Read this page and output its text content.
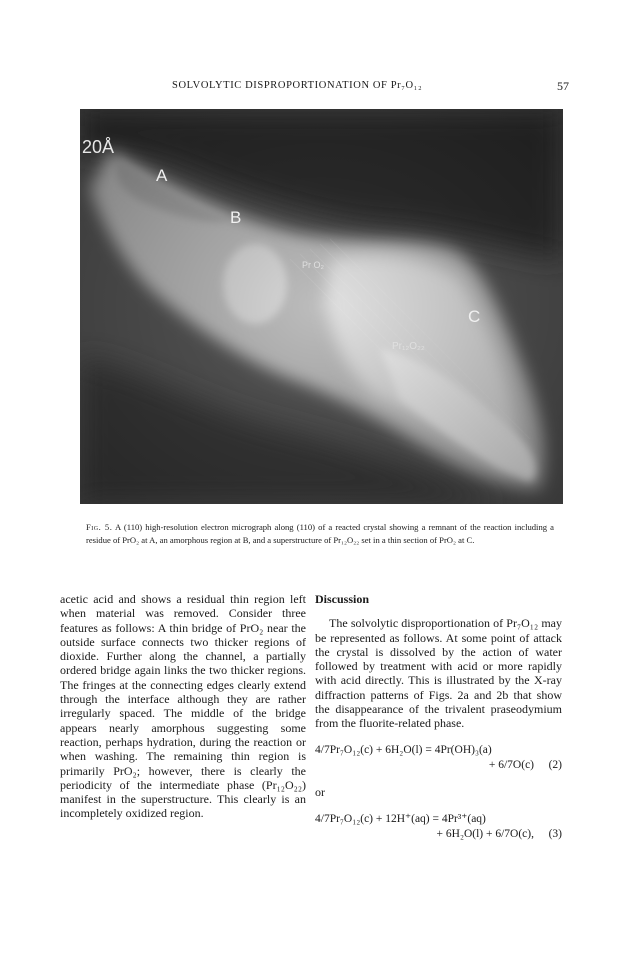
SOLVOLYTIC DISPROPORTIONATION OF Pr₇O₁₂	57
20Å
A
B
C
Pr O₂
Pr₁₂O₂₂
Fig. 5. A (110) high-resolution electron micrograph along (110) of a reacted crystal showing a remnant of the reaction including a residue of PrO₂ at A, an amorphous region at B, and a superstructure of Pr₁₂O₂₂ set in a thin section of PrO₂ at C.

acetic acid and shows a residual thin region left when material was removed. Consider three features as follows: A thin bridge of PrO₂ near the outside surface connects two thicker regions of dioxide. Further along the channel, a partially ordered bridge again links the two thicker regions. The fringes at the connecting edges clearly extend through the interface although they are rather irregularly spaced. The middle of the bridge appears nearly amorphous suggesting some reaction, perhaps hydration, during the reaction or when washing. The remaining thin region is primarily PrO₂; however, there is clearly the periodicity of the intermediate phase (Pr₁₂O₂₂) manifest in the superstructure. This clearly is an incompletely oxidized region.

Discussion

The solvolytic disproportionation of Pr₇O₁₂ may be represented as follows. At some point of attack the crystal is dissolved by the action of water followed by treatment with acid or more rapidly with acid directly. This is illustrated by the X-ray diffraction patterns of Figs. 2a and 2b that show the disappearance of the trivalent praseodymium from the fluorite-related phase.

4/7Pr₇O₁₂(c) + 6H₂O(l) = 4Pr(OH)₃(a)
+ 6/7O(c) (2)
or
4/7Pr₇O₁₂(c) + 12H⁺(aq) = 4Pr³⁺(aq)
+ 6H₂O(l) + 6/7O(c), (3)
